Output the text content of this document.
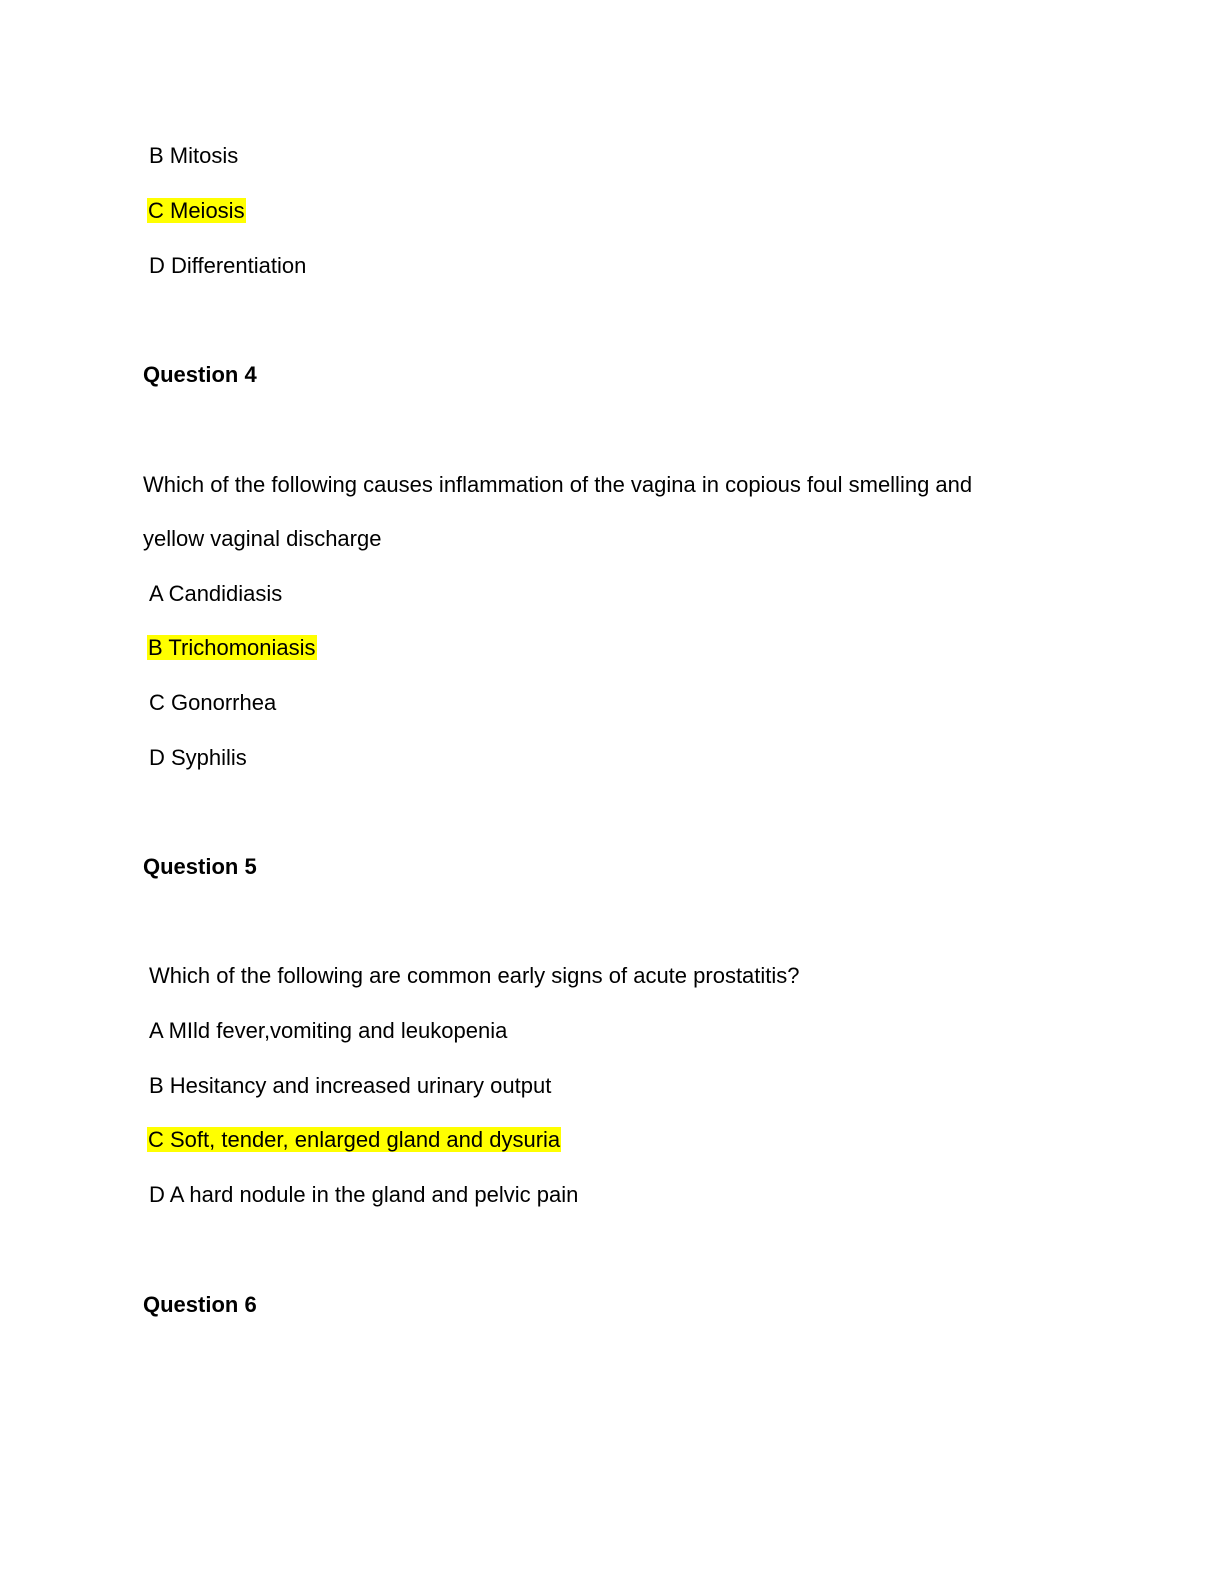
B Mitosis
C Meiosis
D Differentiation
Question 4
Which of the following causes inflammation of the vagina in copious foul smelling and
yellow vaginal discharge
A Candidiasis
B Trichomoniasis
C Gonorrhea
D Syphilis
Question 5
Which of the following are common early signs of acute prostatitis?
A MIld fever,vomiting and leukopenia
B Hesitancy and increased urinary output
C Soft, tender, enlarged gland and dysuria
D A hard nodule in the gland and pelvic pain
Question 6
